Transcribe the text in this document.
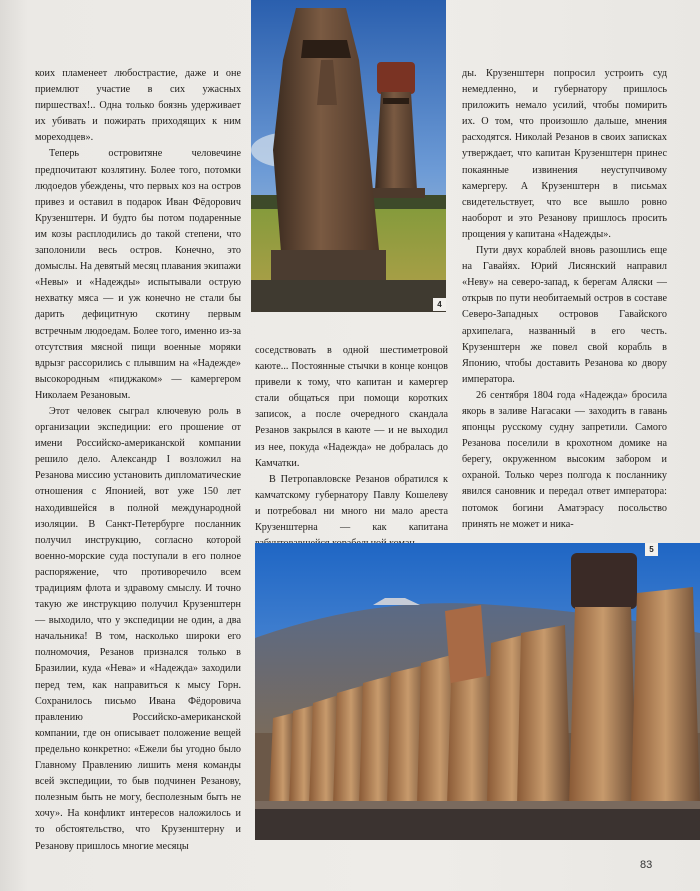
коих пламенеет любострастие, даже и оне приемлют участие в сих ужасных пиршествах!.. Одна только боязнь удерживает их убивать и пожирать приходящих к ним мореходцев».

Теперь островитяне человечине предпочитают козлятину. Более того, потомки людоедов убеждены, что первых коз на остров привез и оставил в подарок Иван Фёдорович Крузенштерн. И будто бы потом подаренные им козы расплодились до такой степени, что заполонили весь остров. Конечно, это домыслы. На девятый месяц плавания экипажи «Невы» и «Надежды» испытывали острую нехватку мяса — и уж конечно не стали бы дарить дефицитную скотину первым встречным людоедам. Более того, именно из-за отсутствия мясной пищи военные моряки вдрызг рассорились с плывшим на «Надежде» высокородным «пиджаком» — камергером Николаем Резановым.

Этот человек сыграл ключевую роль в организации экспедиции: его прошение от имени Российско-американской компании решило дело. Александр I возложил на Резанова миссию установить дипломатические отношения с Японией, вот уже 150 лет находившейся в полной международной изоляции. В Санкт-Петербурге посланник получил инструкцию, согласно которой военно-морские суда поступали в его полное распоряжение, что противоречило всем традициям флота и здравому смыслу. И точно такую же инструкцию получил Крузенштерн — выходило, что у экспедиции не один, а два начальника! В том, насколько широки его полномочия, Резанов признался только в Бразилии, куда «Нева» и «Надежда» заходили перед тем, как направиться к мысу Горн. Сохранилось письмо Ивана Фёдоровича правлению Российско-американской компании, где он описывает положение вещей предельно конкретно: «Ежели бы угодно было Главному Правлению лишить меня команды всей экспедиции, то быв подчинен Резанову, полезным быть не могу, бесполезным быть не хочу». На конфликт интересов наложилось и то обстоятельство, что Крузенштерну и Резанову пришлось многие месяцы

4

соседствовать в одной шестиметровой каюте... Постоянные стычки в конце концов привели к тому, что капитан и камергер стали общаться при помощи коротких записок, а после очередного скандала Резанов закрылся в каюте — и не выходил из нее, покуда «Надежда» не добралась до Камчатки.

В Петропавловске Резанов обратился к камчатскому губернатору Павлу Кошелеву и потребовал ни много ни мало ареста Крузенштерна — как капитана

ды. Крузенштерн попросил устроить суд немедленно, и губернатору пришлось приложить немало усилий, чтобы помирить их. О том, что произошло дальше, мнения расходятся. Николай Резанов в своих записках утверждает, что капитан Крузенштерн принес покаянные извинения неуступчивому камергеру. А Крузенштерн в письмах свидетельствует, что все вышло ровно наоборот и это Резанову пришлось просить прощения у капитана «Надежды».

Пути двух кораблей вновь разошлись еще на Гавайях. Юрий Лисянский направил «Неву» на северо-запад, к берегам Аляски — открыв по пути необитаемый остров в составе Северо-Западных островов Гавайского архипелага, названный в его честь. Крузенштерн же повел свой корабль в Японию, чтобы доставить Резанова ко двору императора.

26 сентября 1804 года «Надежда» бросила якорь в заливе Нагасаки — заходить в гавань японцы русскому судну запретили. Самого Резанова поселили в крохотном домике на берегу, окруженном высоким забором и охраной. Только через полгода к посланнику явился сановник и передал ответ императора: потомок богини Аматэрасу посольство принять не может и ника-

5
83
